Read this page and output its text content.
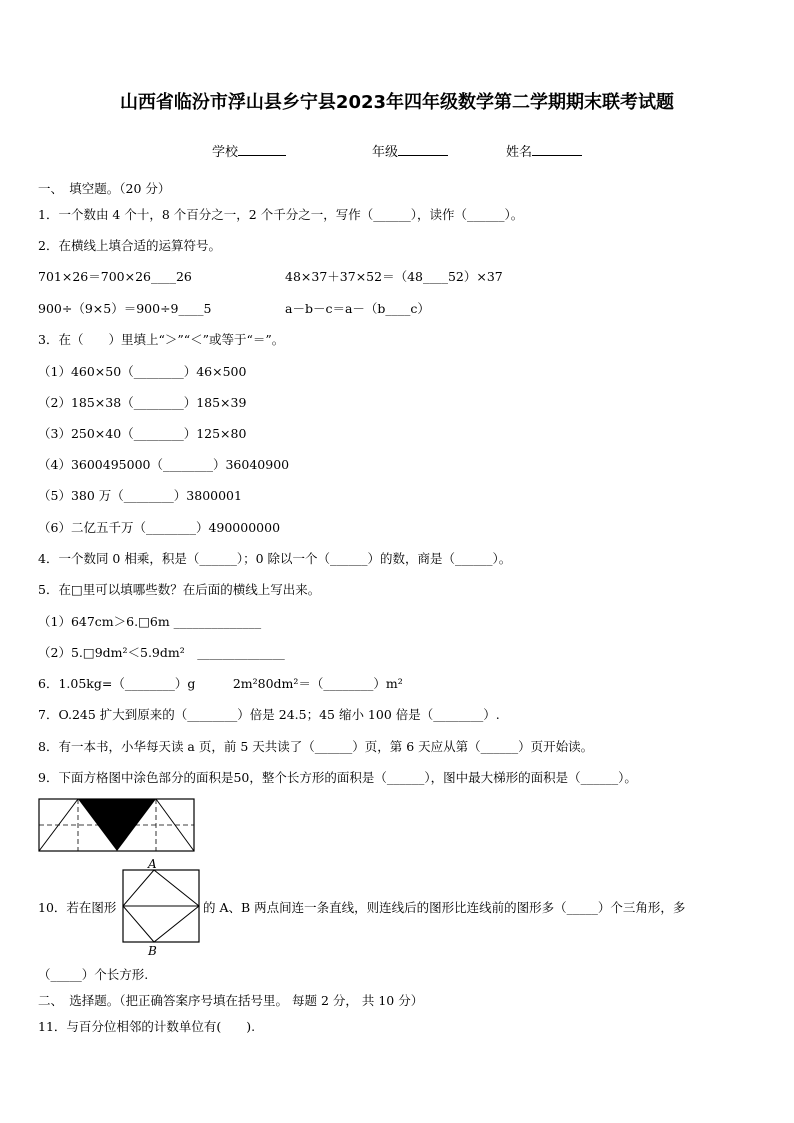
山西省临汾市浮山县乡宁县2023年四年级数学第二学期期末联考试题
学校	年级	姓名
一、　填空题。（20 分）
1．一个数由 4 个十，8 个百分之一，2 个千分之一，写作（______），读作（______）。
2．在横线上填合适的运算符号。
701×26＝700×26____26	48×37＋37×52＝（48____52）×37
900÷（9×5）＝900÷9____5	a－b－c＝a－（b____c）
3．在（　　）里填上“＞”“＜”或等于“＝”。
（1）460×50（________）46×500
（2）185×38（________）185×39
（3）250×40（________）125×80
（4）3600495000（________）36040900
（5）380 万（________）3800001
（6）二亿五千万（________）490000000
4．一个数同 0 相乘，积是（______）；0 除以一个（______）的数，商是（______）。
5．在□里可以填哪些数？在后面的横线上写出来。
（1）647cm＞6.□6m ______________
（2）5.□9dm²＜5.9dm²　______________
6．1.05kg=（________）g　　　2m²80dm²＝（________）m²
7．O.245 扩大到原来的（________）倍是 24.5；45 缩小 100 倍是（________）.
8．有一本书，小华每天读 a 页，前 5 天共读了（______）页，第 6 天应从第（______）页开始读。
9．下面方格图中涂色部分的面积是50，整个长方形的面积是（______），图中最大梯形的面积是（______）。
10．若在图形
A
B
的 A、B 两点间连一条直线，则连线后的图形比连线前的图形多（_____）个三角形，多
（_____）个长方形.
二、　选择题。（把正确答案序号填在括号里。 每题 2 分， 共 10 分）
11．与百分位相邻的计数单位有(　　).
